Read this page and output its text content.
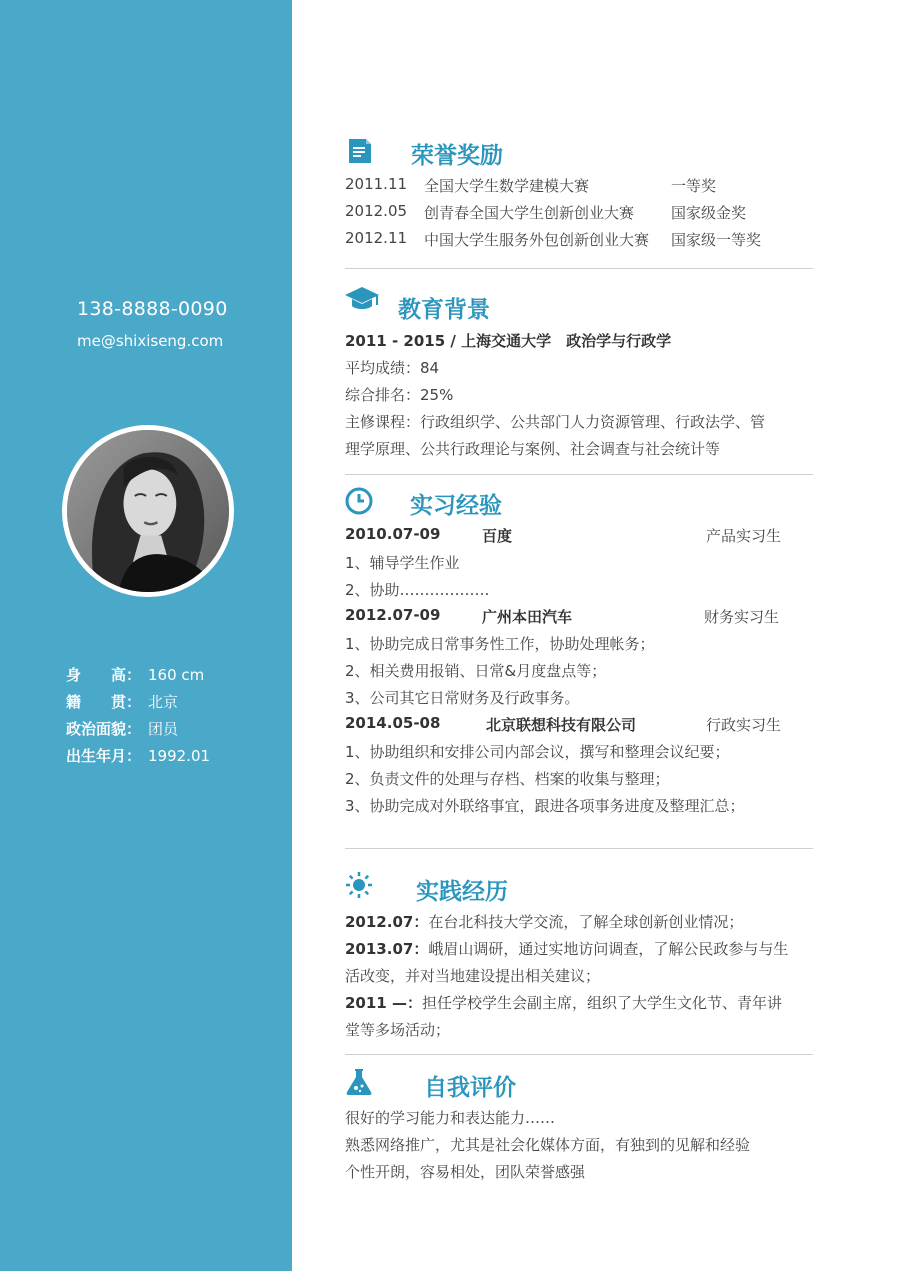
138-8888-0090
me@shixiseng.com
身　　高： 160 cm
籍　　贯： 北京
政治面貌： 团员
出生年月： 1992.01
荣誉奖励
2011.11 全国大学生数学建模大赛	一等奖
2012.05 创青春全国大学生创新创业大赛 国家级金奖
2012.11 中国大学生服务外包创新创业大赛 国家级一等奖
教育背景
2011 - 2015 / 上海交通大学　政治学与行政学
平均成绩：84
综合排名：25%
主修课程：行政组织学、公共部门人力资源管理、行政法学、管
理学原理、公共行政理论与案例、社会调查与社会统计等
实习经验
2010.07-09	百度	产品实习生
1、辅导学生作业
2、协助………………
2012.07-09	广州本田汽车	财务实习生
1、协助完成日常事务性工作，协助处理帐务；
2、相关费用报销、日常&月度盘点等；
3、公司其它日常财务及行政事务。
2014.05-08	北京联想科技有限公司	行政实习生
1、协助组织和安排公司内部会议，撰写和整理会议纪要；
2、负责文件的处理与存档、档案的收集与整理；
3、协助完成对外联络事宜，跟进各项事务进度及整理汇总；
实践经历
2012.07：在台北科技大学交流，了解全球创新创业情况；
2013.07：峨眉山调研，通过实地访问调查，了解公民政参与与生
活改变，并对当地建设提出相关建议；
2011 —：担任学校学生会副主席，组织了大学生文化节、青年讲
堂等多场活动；
自我评价
很好的学习能力和表达能力……
熟悉网络推广，尤其是社会化媒体方面，有独到的见解和经验
个性开朗，容易相处，团队荣誉感强
